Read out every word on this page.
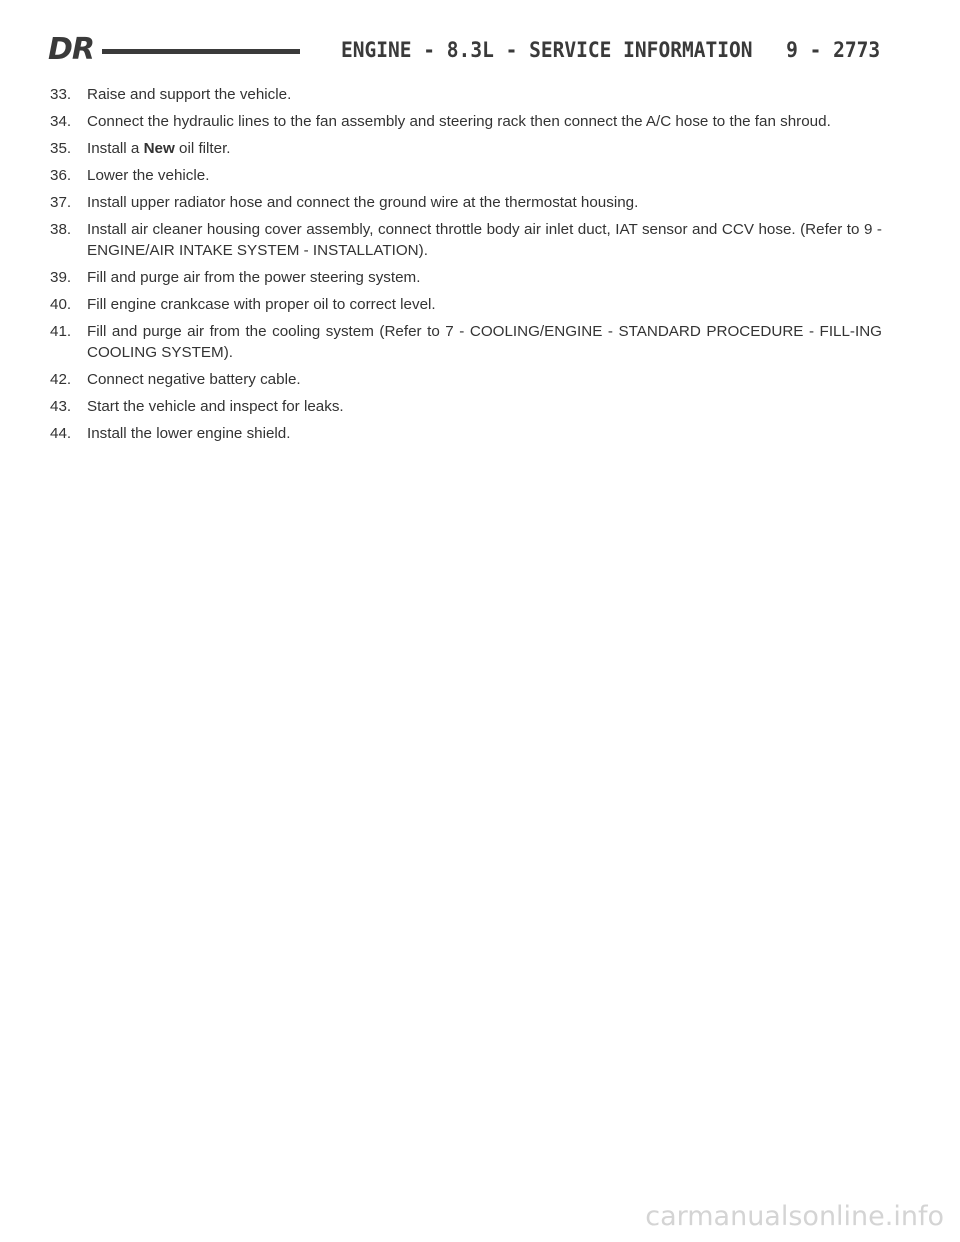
DR	ENGINE - 8.3L - SERVICE INFORMATION 9 - 2773
33. Raise and support the vehicle.
34. Connect the hydraulic lines to the fan assembly and steering rack then connect the A/C hose to the fan shroud.
35. Install a New oil filter.
36. Lower the vehicle.
37. Install upper radiator hose and connect the ground wire at the thermostat housing.
38. Install air cleaner housing cover assembly, connect throttle body air inlet duct, IAT sensor and CCV hose. (Refer to 9 - ENGINE/AIR INTAKE SYSTEM - INSTALLATION).
39. Fill and purge air from the power steering system.
40. Fill engine crankcase with proper oil to correct level.
41. Fill and purge air from the cooling system (Refer to 7 - COOLING/ENGINE - STANDARD PROCEDURE - FILL-ING COOLING SYSTEM).
42. Connect negative battery cable.
43. Start the vehicle and inspect for leaks.
44. Install the lower engine shield.
carmanualsonline.info
